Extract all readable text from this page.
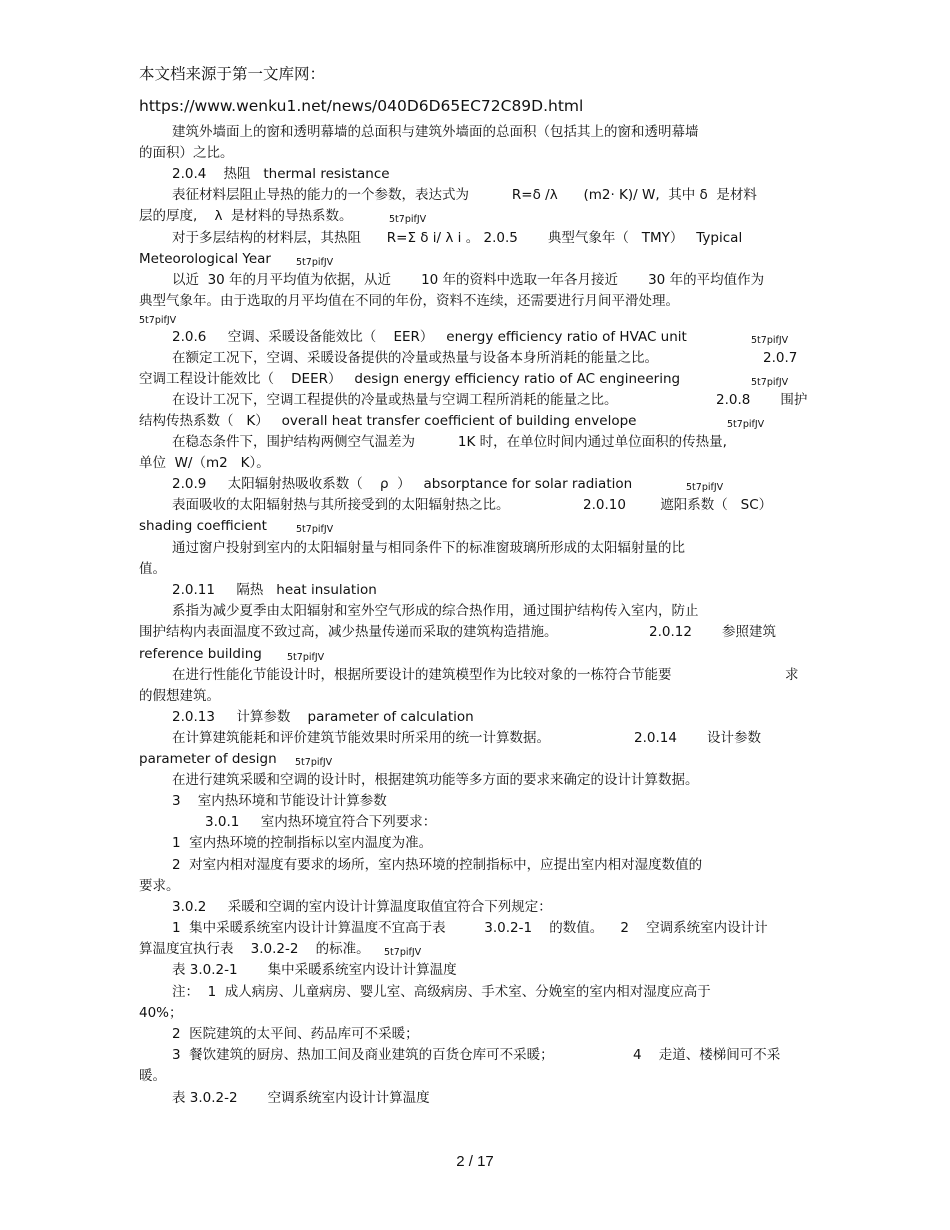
本文档来源于第一文库网：
https://www.wenku1.net/news/040D6D65EC72C89D.html
建筑外墙面上的窗和透明幕墙的总面积与建筑外墙面的总面积（包括其上的窗和透明幕墙
的面积）之比。
2.0.4    热阻   thermal resistance
表征材料层阻止导热的能力的一个参数，表达式为          R=δ /λ      (m2· K)/ W,  其中 δ  是材料
层的厚度,    λ  是材料的导热系数。	5t7pifJV
对于多层结构的材料层，其热阻      R=Σ δ i/ λ i 。 2.0.5       典型气象年（   TMY）   Typical
Meteorological Year	5t7pifJV
以近  30 年的月平均值为依据，从近       10 年的资料中选取一年各月接近       30 年的平均值作为
典型气象年。由于选取的月平均值在不同的年份，资料不连续，还需要进行月间平滑处理。
5t7pifJV
2.0.6     空调、采暖设备能效比（    EER）   energy efficiency ratio of HVAC unit	5t7pifJV
在额定工况下，空调、采暖设备提供的冷量或热量与设备本身所消耗的能量之比。	2.0.7
空调工程设计能效比（    DEER）   design energy efficiency ratio of AC engineering	5t7pifJV
在设计工况下，空调工程提供的冷量或热量与空调工程所消耗的能量之比。	2.0.8       围护
结构传热系数（   K）   overall heat transfer coefficient of building envelope	5t7pifJV
在稳态条件下，围护结构两侧空气温差为          1K 时，在单位时间内通过单位面积的传热量,
单位  W/（m2   K）。
2.0.9     太阳辐射热吸收系数（    ρ  ）   absorptance for solar radiation	5t7pifJV
表面吸收的太阳辐射热与其所接受到的太阳辐射热之比。	2.0.10        遮阳系数（   SC）
shading coefficient	5t7pifJV
通过窗户投射到室内的太阳辐射量与相同条件下的标准窗玻璃所形成的太阳辐射量的比
值。
2.0.11     隔热   heat insulation
系指为减少夏季由太阳辐射和室外空气形成的综合热作用，通过围护结构传入室内，防止
围护结构内表面温度不致过高，减少热量传递而采取的建筑构造措施。	2.0.12       参照建筑
reference building	5t7pifJV
在进行性能化节能设计时，根据所要设计的建筑模型作为比较对象的一栋符合节能要	求
的假想建筑。
2.0.13     计算参数    parameter of calculation
在计算建筑能耗和评价建筑节能效果时所采用的统一计算数据。	2.0.14       设计参数
parameter of design 5t7pifJV
在进行建筑采暖和空调的设计时，根据建筑功能等多方面的要求来确定的设计计算数据。
3    室内热环境和节能设计计算参数
3.0.1     室内热环境宜符合下列要求：
1  室内热环境的控制指标以室内温度为准。
2  对室内相对湿度有要求的场所，室内热环境的控制指标中，应提出室内相对湿度数值的
要求。
3.0.2     采暖和空调的室内设计计算温度取值宜符合下列规定：
1  集中采暖系统室内设计计算温度不宜高于表         3.0.2-1    的数值。    2    空调系统室内设计计
算温度宜执行表    3.0.2-2    的标准。 5t7pifJV
表 3.0.2-1       集中采暖系统室内设计计算温度
注：  1  成人病房、儿童病房、婴儿室、高级病房、手术室、分娩室的室内相对湿度应高于
40%；
2  医院建筑的太平间、药品库可不采暖；
3  餐饮建筑的厨房、热加工间及商业建筑的百货仓库可不采暖；	4    走道、楼梯间可不采
暖。
表 3.0.2-2       空调系统室内设计计算温度
2 / 17
